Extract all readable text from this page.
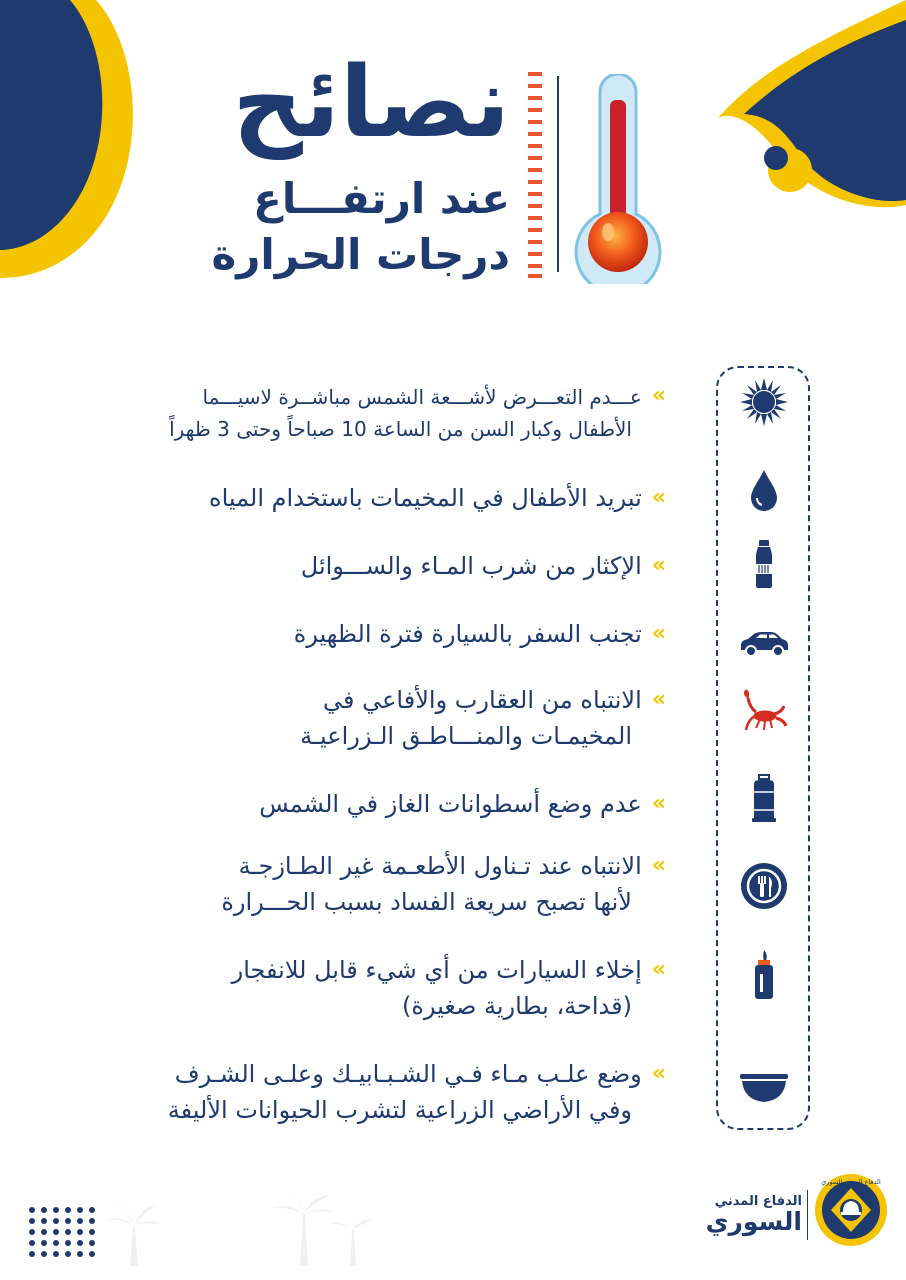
نصائح
عند ارتفـــاع
درجات الحرارة
»عـــدم التعـــرض لأشـــعة الشمس مباشــرة لاسيـــما
الأطفال وكبار السن من الساعة 10 صباحاً وحتى 3 ظهراً
»تبريد الأطفال في المخيمات باستخدام المياه
»الإكثار من شرب المـاء والســـوائل
»تجنب السفر بالسيارة فترة الظهيرة
»الانتباه من العقارب والأفاعي في
المخيمـات والمنـــاطـق الـزراعيـة
»عدم وضع أسطوانات الغاز في الشمس
»الانتباه عند تـناول الأطعـمة غير الطـازجـة
لأنها تصبح سريعة الفساد بسبب الحـــرارة
»إخلاء السيارات من أي شيء قابل للانفجار
(قداحة، بطارية صغيرة)
»وضع علـب مـاء فـي الشـبـابيـك وعلـى الشـرف
وفي الأراضي الزراعية لتشرب الحيوانات الأليفة
الدفاع المدني
السوري
الدفاع المدني السوري
